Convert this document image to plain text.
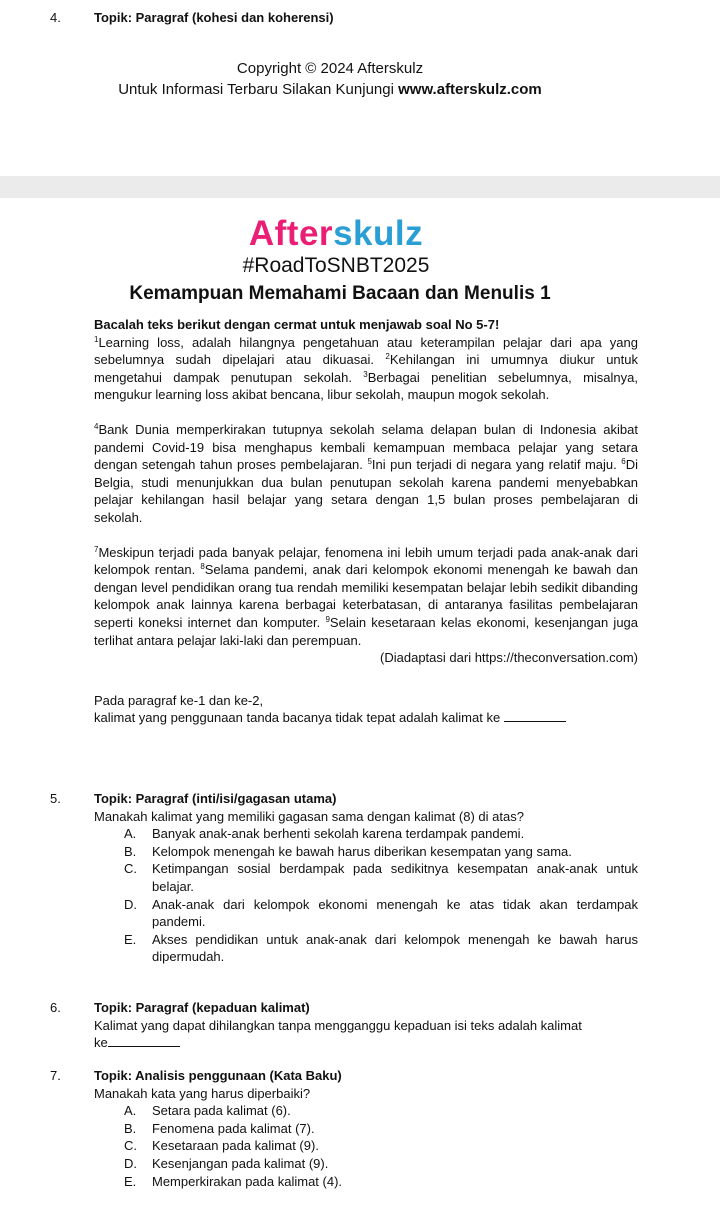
4.	Topik: Paragraf (kohesi dan koherensi)
Copyright © 2024 Afterskulz
Untuk Informasi Terbaru Silakan Kunjungi www.afterskulz.com
Afterskulz
#RoadToSNBT2025
Kemampuan Memahami Bacaan dan Menulis 1

Bacalah teks berikut dengan cermat untuk menjawab soal No 5-7!

$^1$Learning loss, adalah hilangnya pengetahuan atau keterampilan pelajar dari apa yang sebelumnya sudah dipelajari atau dikuasai. $^2$Kehilangan ini umumnya diukur untuk mengetahui dampak penutupan sekolah. $^3$Berbagai penelitian sebelumnya, misalnya, mengukur learning loss akibat bencana, libur sekolah, maupun mogok sekolah.

$^4$Bank Dunia memperkirakan tutupnya sekolah selama delapan bulan di Indonesia akibat pandemi Covid-19 bisa menghapus kembali kemampuan membaca pelajar yang setara dengan setengah tahun proses pembelajaran. $^5$Ini pun terjadi di negara yang relatif maju. $^6$Di Belgia, studi menunjukkan dua bulan penutupan sekolah karena pandemi menyebabkan pelajar kehilangan hasil belajar yang setara dengan 1,5 bulan proses pembelajaran di sekolah.

$^7$Meskipun terjadi pada banyak pelajar, fenomena ini lebih umum terjadi pada anak-anak dari kelompok rentan. $^8$Selama pandemi, anak dari kelompok ekonomi menengah ke bawah dan dengan level pendidikan orang tua rendah memiliki kesempatan belajar lebih sedikit dibanding kelompok anak lainnya karena berbagai keterbatasan, di antaranya fasilitas pembelajaran seperti koneksi internet dan komputer. $^9$Selain kesetaraan kelas ekonomi, kesenjangan juga terlihat antara pelajar laki-laki dan perempuan.

(Diadaptasi dari https://theconversation.com)

Pada paragraf ke-1 dan ke-2,

kalimat yang penggunaan tanda bacanya tidak tepat adalah kalimat ke

5.	Topik: Paragraf (inti/isi/gagasan utama)
Manakah kalimat yang memiliki gagasan sama dengan kalimat (8) di atas?
A. Banyak anak-anak berhenti sekolah karena terdampak pandemi.
B. Kelompok menengah ke bawah harus diberikan kesempatan yang sama.
C. Ketimpangan sosial berdampak pada sedikitnya kesempatan anak-anak untuk belajar.
D. Anak-anak dari kelompok ekonomi menengah ke atas tidak akan terdampak pandemi.
E. Akses pendidikan untuk anak-anak dari kelompok menengah ke bawah harus dipermudah.
6.	Topik: Paragraf (kepaduan kalimat)
Kalimat yang dapat dihilangkan tanpa mengganggu kepaduan isi teks adalah kalimat
ke
7.	Topik: Analisis penggunaan (Kata Baku)
Manakah kata yang harus diperbaiki?
A. Setara pada kalimat (6).
B. Fenomena pada kalimat (7).
C. Kesetaraan pada kalimat (9).
D. Kesenjangan pada kalimat (9).
E. Memperkirakan pada kalimat (4).
